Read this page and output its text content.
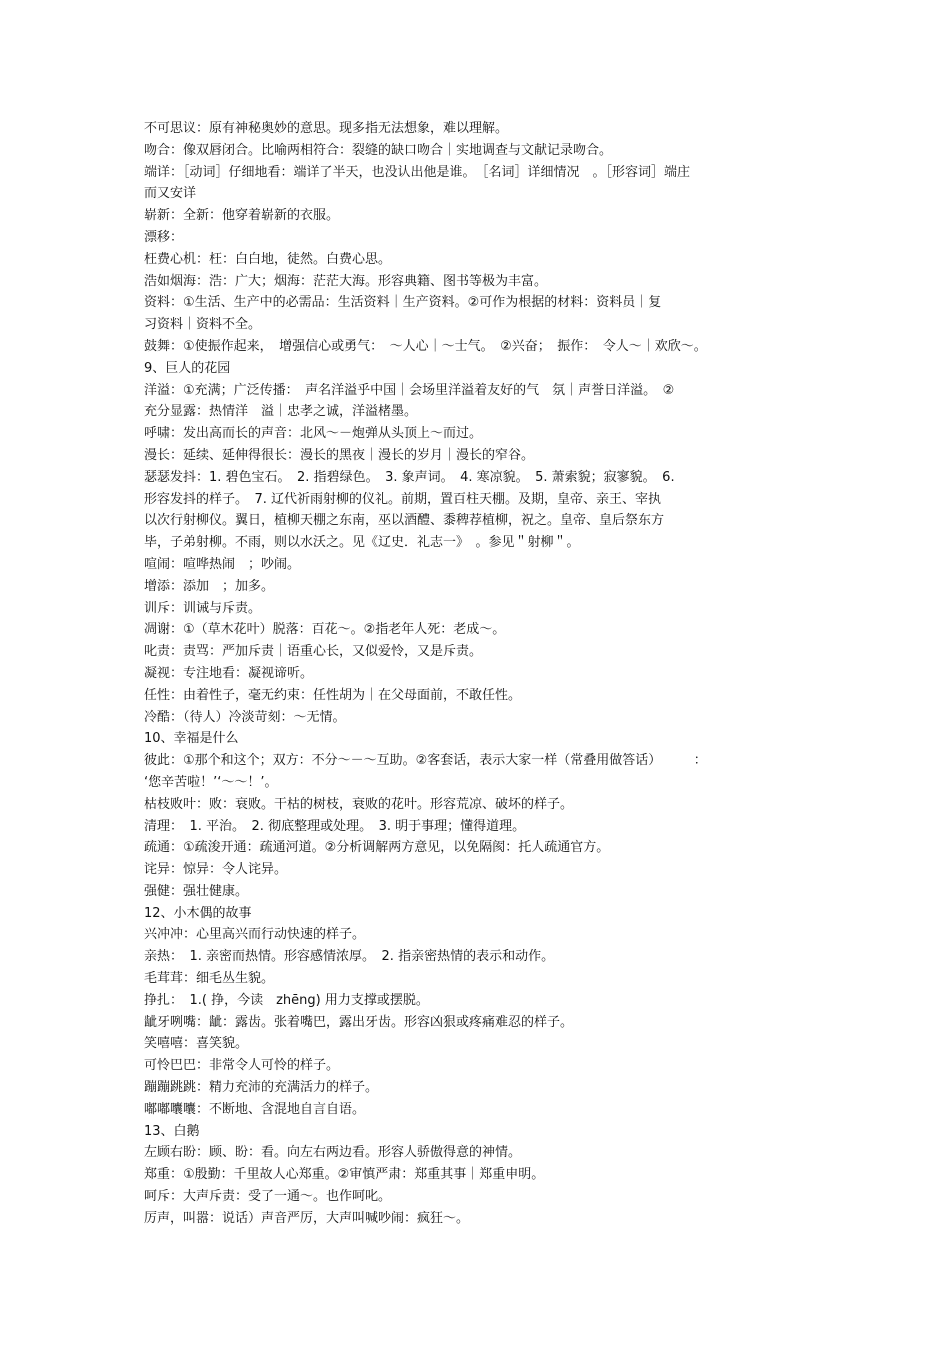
不可思议：原有神秘奥妙的意思。现多指无法想象，难以理解。
吻合：像双唇闭合。比喻两相符合：裂缝的缺口吻合｜实地调查与文献记录吻合。
端详：［动词］仔细地看：端详了半天，也没认出他是谁。　［名词］详细情况　。［形容词］端庄
而又安详
崭新：全新：他穿着崭新的衣服。
漂移：
枉费心机：枉：白白地，徒然。白费心思。
浩如烟海：浩：广大；烟海：茫茫大海。形容典籍、图书等极为丰富。
资料：①生活、生产中的必需品：生活资料｜生产资料。②可作为根据的材料：资料员｜复
习资料｜资料不全。
鼓舞：①使振作起来，　增强信心或勇气：　～人心｜～士气。　②兴奋；　振作：　令人～｜欢欣～。
9、巨人的花园
洋溢：①充满；广泛传播：　声名洋溢乎中国｜会场里洋溢着友好的气　氛｜声誉日洋溢。　②
充分显露：热情洋　溢｜忠孝之诚，洋溢楮墨。
呼啸：发出高而长的声音：北风～－炮弹从头顶上～而过。
漫长：延续、延伸得很长：漫长的黑夜｜漫长的岁月｜漫长的窄谷。
瑟瑟发抖：1. 碧色宝石。　2. 指碧绿色。　3. 象声词。　4. 寒凉貌。　5. 萧索貌；寂寥貌。　6.
形容发抖的样子。　7. 辽代祈雨射柳的仪礼。前期，置百柱天棚。及期，皇帝、亲王、宰执
以次行射柳仪。翼日，植柳天棚之东南，巫以酒醴、黍稗荐植柳，祝之。皇帝、皇后祭东方
毕，子弟射柳。不雨，则以水沃之。见《辽史．礼志一》　。参见＂射柳＂。
喧闹：喧哗热闹　；吵闹。
增添：添加　；加多。
训斥：训诫与斥责。
凋谢：①（草木花叶）脱落：百花～。②指老年人死：老成～。
叱责：责骂：严加斥责｜语重心长，又似爱怜，又是斥责。
凝视：专注地看：凝视谛听。
任性：由着性子，毫无约束：任性胡为｜在父母面前，不敢任性。
冷酷：（待人）冷淡苛刻：～无情。
10、幸福是什么
彼此：①那个和这个；双方：不分～－～互助。②客套话，表示大家一样（常叠用做答话）　　　：
‘您辛苦啦！’‘～～！’。
枯枝败叶：败：衰败。干枯的树枝，衰败的花叶。形容荒凉、破坏的样子。
清理：　1. 平治。　2. 彻底整理或处理。　3. 明于事理；懂得道理。
疏通：①疏浚开通：疏通河道。②分析调解两方意见，以免隔阂：托人疏通官方。
诧异：惊异：令人诧异。
强健：强壮健康。
12、小木偶的故事
兴冲冲：心里高兴而行动快速的样子。
亲热：　1. 亲密而热情。形容感情浓厚。　2. 指亲密热情的表示和动作。
毛茸茸：细毛丛生貌。
挣扎：　1.( 挣，今读　zhēng) 用力支撑或摆脱。
龇牙咧嘴：龇：露齿。张着嘴巴，露出牙齿。形容凶狠或疼痛难忍的样子。
笑嘻嘻：喜笑貌。
可怜巴巴：非常令人可怜的样子。
蹦蹦跳跳：精力充沛的充满活力的样子。
嘟嘟囔囔：不断地、含混地自言自语。
13、白鹅
左顾右盼：顾、盼：看。向左右两边看。形容人骄傲得意的神情。
郑重：①殷勤：千里故人心郑重。②审慎严肃：郑重其事｜郑重申明。
呵斥：大声斥责：受了一通～。也作呵叱。
厉声，叫嚣：说话）声音严厉，大声叫喊吵闹：疯狂～。
